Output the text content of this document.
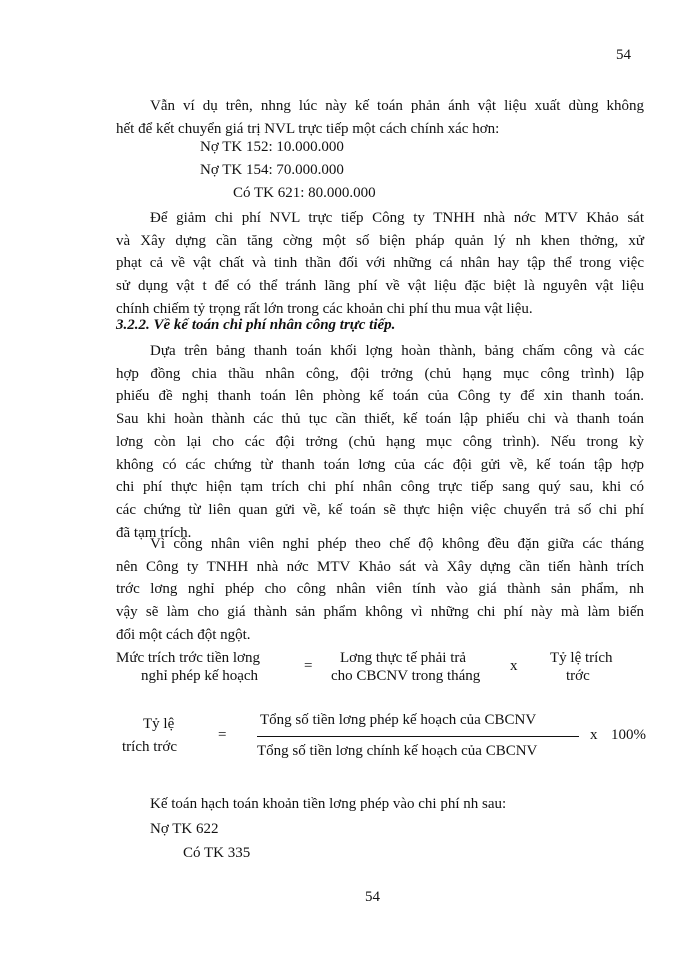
54
54
Vẫn ví dụ trên, nhng lúc này kế toán phản ánh vật liệu xuất dùng không
hết để kết chuyển giá trị NVL trực tiếp một cách chính xác hơn:
Nợ TK 152: 10.000.000
Nợ TK 154: 70.000.000
Có TK 621: 80.000.000
Để giảm chi phí NVL trực tiếp Công ty TNHH nhà nớc MTV Khảo sát
và Xây dựng cần tăng cờng một số biện pháp quản lý nh khen thởng, xử
phạt cả về vật chất và tinh thần đối với những cá nhân hay tập thể trong việc
sử dụng vật t để có thể tránh lãng phí về vật liệu đặc biệt là nguyên vật liệu
chính chiếm tỷ trọng rất lớn trong các khoản chi phí thu mua vật liệu.
3.2.2. Về kế toán chi phí nhân công trực tiếp.
Dựa trên bảng thanh toán khối lợng hoàn thành, bảng chấm công và các
hợp đồng chia thầu nhân công, đội trởng (chủ hạng mục công trình) lập
phiếu đề nghị thanh toán lên phòng kế toán của Công ty để xin thanh toán.
Sau khi hoàn thành các thủ tục cần thiết, kế toán lập phiếu chi và thanh toán
lơng còn lại cho các đội trởng (chủ hạng mục công trình). Nếu trong kỳ
không có các chứng từ thanh toán lơng của các đội gửi về, kế toán tập hợp
chi phí thực hiện tạm trích chi phí nhân công trực tiếp sang quý sau, khi có
các chứng từ liên quan gửi về, kế toán sẽ thực hiện việc chuyển trả số chi phí
đã tạm trích.
Vì công nhân viên nghỉ phép theo chế độ không đều đặn giữa các tháng
nên Công ty TNHH nhà nớc MTV Khảo sát và Xây dựng cần tiến hành trích
trớc lơng nghỉ phép cho công nhân viên tính vào giá thành sản phẩm, nh
vậy sẽ làm cho giá thành sản phẩm không vì những chi phí này mà làm biến
đổi một cách đột ngột.
Mức trích trớc tiền lơng
nghỉ phép kế hoạch
= Lơng thực tế phải trả
cho CBCNV trong tháng
x Tỷ lệ trích
trớc
Tỷ lệ
trích trớc
=
Tổng số tiền lơng phép kế hoạch của CBCNV
Tổng số tiền lơng chính kế hoạch của CBCNV
x 100%
Kế toán hạch toán khoản tiền lơng phép vào chi phí nh sau:
Nợ TK 622
Có TK 335
